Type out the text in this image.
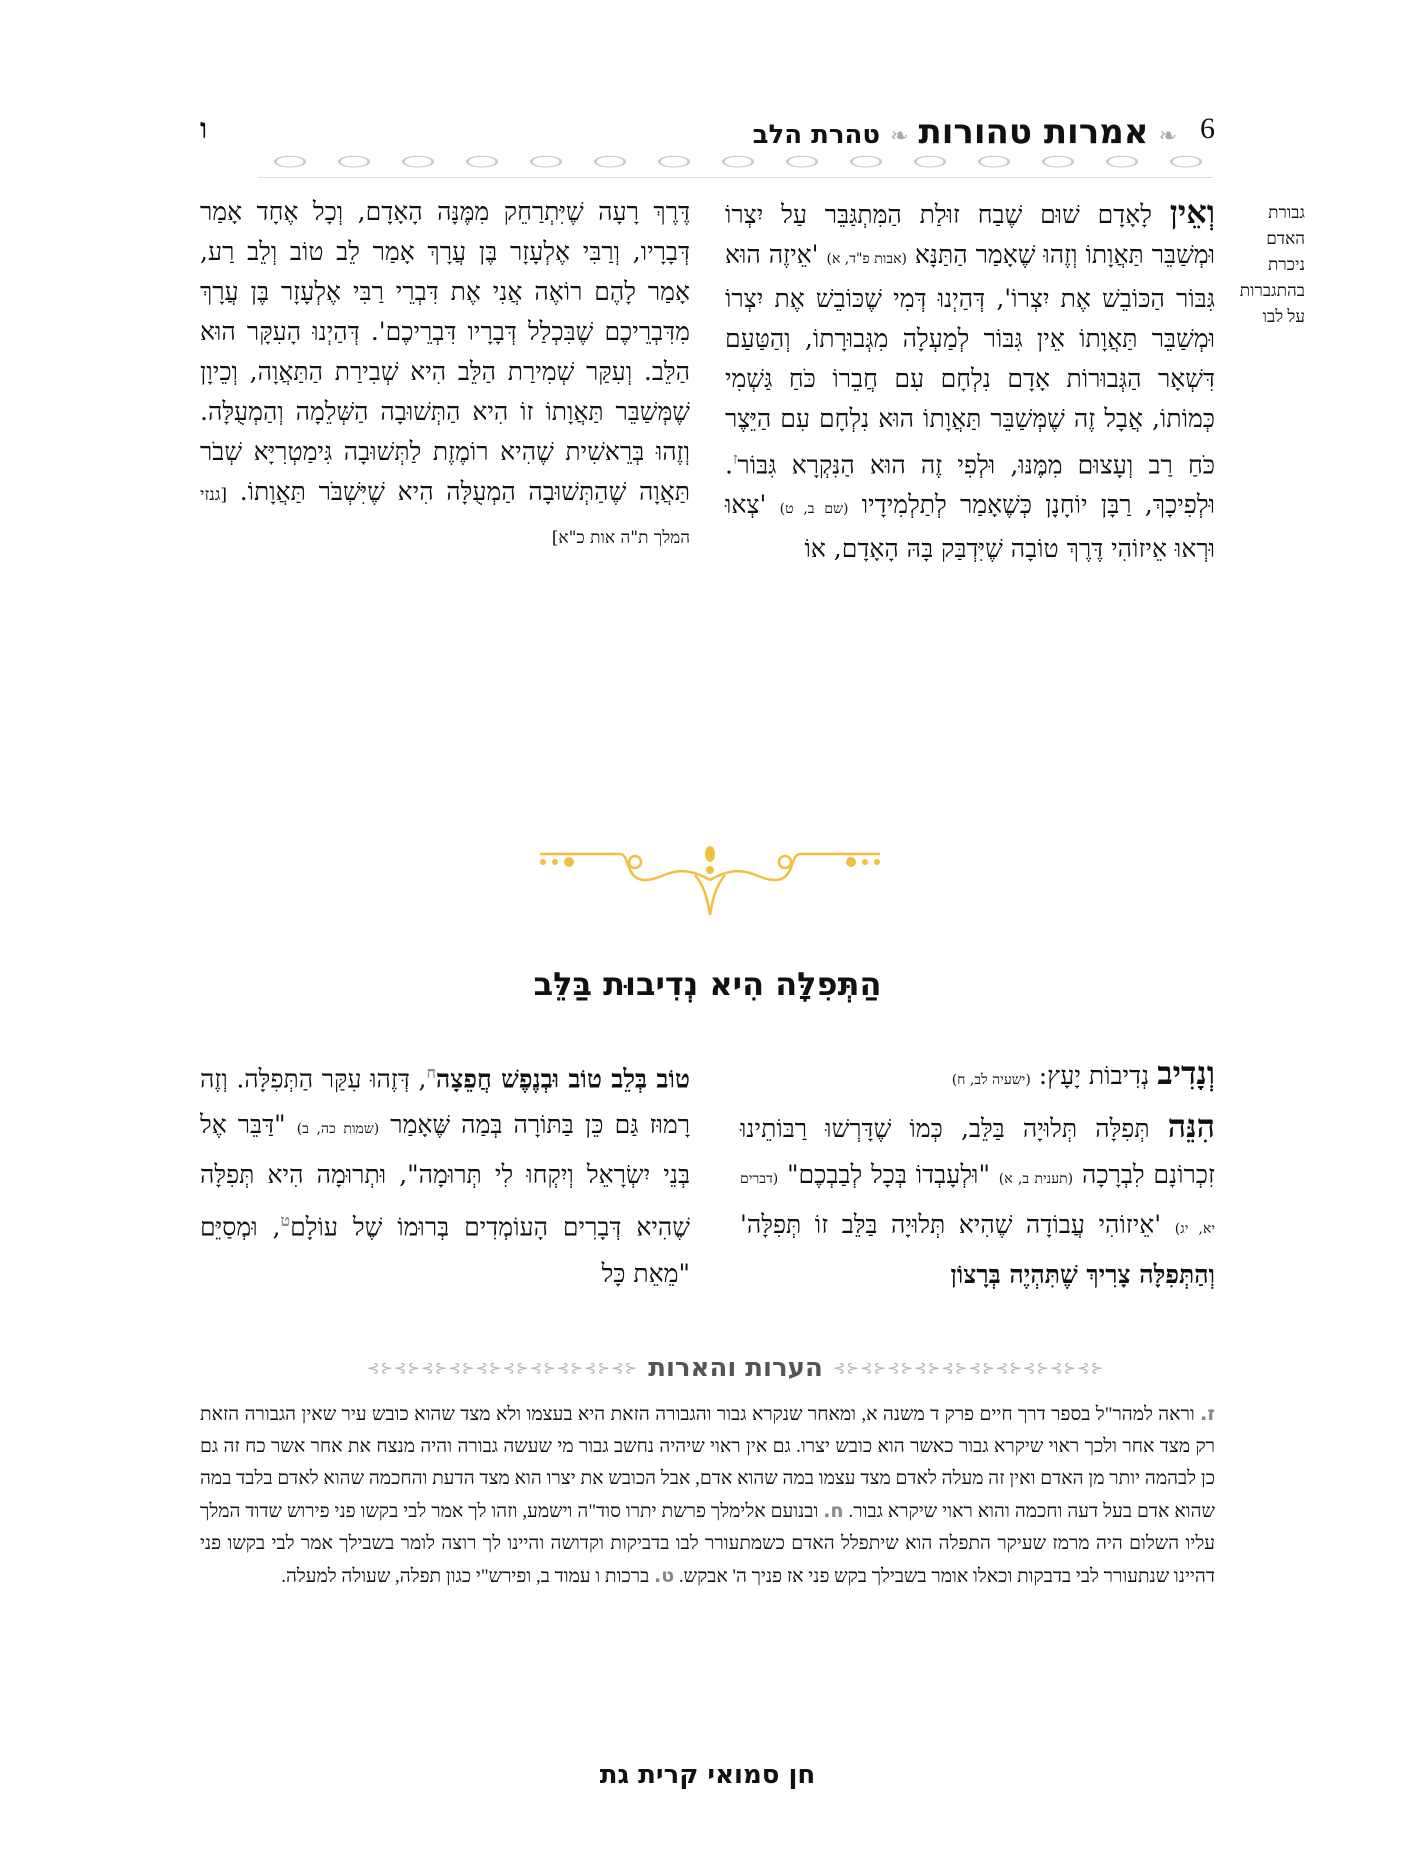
6
❧
אמרות טהורות
❧
טהרת הלב
ו
גבורת
האדם
ניכרת
בהתגברות
על לבו

וְאֵין לָאָדָם שׁוּם שֶׁבַח זוּלַת הַמִּתְגַּבֵּר עַל יִצְרוֹ וּמְשַׁבֵּר תַּאֲוָתוֹ וְזֶהוּ שֶׁאָמַר הַתַּנָּא (אבות פ"ד, א) 'אֵיזֶה הוּא גִּבּוֹר הַכּוֹבֵשׁ אֶת יִצְרוֹ', דְּהַיְנוּ דְּמִי שֶׁכּוֹבֵשׁ אֶת יִצְרוֹ וּמְשַׁבֵּר תַּאֲוָתוֹ אֵין גִּבּוֹר לְמַעְלָה מִגְּבוּרָתוֹ, וְהַטַּעַם דִּשְׁאָר הַגְּבוּרוֹת אָדָם נִלְחָם עִם חֲבֵרוֹ כֹּחַ גַּשְׁמִי כְּמוֹתוֹ, אֲבָל זֶה שֶׁמְּשַׁבֵּר תַּאֲוָתוֹ הוּא נִלְחָם עִם הַיֵּצֶר כֹּחַ רַב וְעָצוּם מִמֶּנּוּ, וּלְפִי זֶה הוּא הַנִּקְרָא גִּבּוֹר$^ז$. וּלְפִיכָךְ, רַבָּן יוֹחָנָן כְּשֶׁאָמַר לְתַלְמִידָיו (שם ב, ט) 'צְאוּ וּרְאוּ אֵיזוֹהִי דֶּרֶךְ טוֹבָה שֶׁיִּדְבַּק בָּהּ הָאָדָם, אוֹ

דֶּרֶךְ רָעָה שֶׁיִּתְרַחֵק מִמֶּנָּה הָאָדָם, וְכָל אֶחָד אָמַר דְּבָרָיו, וְרַבִּי אֶלְעָזָר בֶּן עֲרָךְ אָמַר לֵב טוֹב וְלֵב רַע, אָמַר לָהֶם רוֹאֶה אֲנִי אֶת דִּבְרֵי רַבִּי אֶלְעָזָר בֶּן עֲרָךְ מִדִּבְרֵיכֶם שֶׁבִּכְלַל דְּבָרָיו דִּבְרֵיכֶם'. דְּהַיְנוּ הָעִקָּר הוּא הַלֵּב. וְעִקַּר שְׁמִירַת הַלֵּב הִיא שְׁבִירַת הַתַּאֲוָה, וְכֵיוָן שֶׁמְּשַׁבֵּר תַּאֲוָתוֹ זוֹ הִיא הַתְּשׁוּבָה הַשְּׁלֵמָה וְהַמְעֻלָּה. וְזֶהוּ בְּרֵאשִׁית שֶׁהִיא רוֹמֶזֶת לַתְּשׁוּבָה גִּימַטְרִיָּא שְׁבֹר תַּאֲוָה שֶׁהַתְּשׁוּבָה הַמְעֻלָּה הִיא שֶׁיִּשְׁבֹּר תַּאֲוָתוֹ. [גנזי המלך ת"ה אות כ"א]

הַתְּפִלָּה הִיא נְדִיבוּת בַּלֵּב

וְנָדִיב נְדִיבוֹת יָעָץ: (ישעיה לב, ח)
הִנֵּה תְּפִלָּה תְּלוּיָה בַּלֵּב, כְּמוֹ שֶׁדָּרְשׁוּ רַבּוֹתֵינוּ זִכְרוֹנָם לִבְרָכָה (תענית ב, א) "וּלְעָבְדוֹ בְּכָל לְבַבְכֶם" (דברים יא, יג) 'אֵיזוֹהִי עֲבוֹדָה שֶׁהִיא תְּלוּיָה בַּלֵּב זוֹ תְּפִלָּה' וְהַתְּפִלָּה צָרִיךְ שֶׁתִּהְיֶה בְּרָצוֹן

טוֹב בְּלֵב טוֹב וּבְנֶפֶשׁ חֲפֵצָה$^ח$, דְּזֶהוּ עִקַּר הַתְּפִלָּה. וְזֶה רָמוּז גַּם כֵּן בַּתּוֹרָה בְּמַה שֶּׁאָמַר (שמות כה, ב) "דַּבֵּר אֶל בְּנֵי יִשְׂרָאֵל וְיִקְחוּ לִי תְּרוּמָה", וּתְרוּמָה הִיא תְּפִלָּה שֶׁהִיא דְּבָרִים הָעוֹמְדִים בְּרוּמוֹ שֶׁל עוֹלָם$^ט$, וּמְסַיֵּם "מֵאֵת כָּל

⊰⊱⊰⊱⊰⊱⊰⊱⊰⊱⊰⊱⊰⊱⊰⊱⊰⊱⊰⊱
הערות והארות
⊰⊱⊰⊱⊰⊱⊰⊱⊰⊱⊰⊱⊰⊱⊰⊱⊰⊱⊰⊱
ז. וראה למהר"ל בספר דרך חיים פרק ד משנה א, ומאחר שנקרא גבור והגבורה הזאת היא בעצמו ולא מצד שהוא כובש עיר שאין הגבורה הזאת רק מצד אחר ולכך ראוי שיקרא גבור כאשר הוא כובש יצרו. גם אין ראוי שיהיה נחשב גבור מי שעשה גבורה והיה מנצח את אחר אשר כח זה גם כן לבהמה יותר מן האדם ואין זה מעלה לאדם מצד עצמו במה שהוא אדם, אבל הכובש את יצרו הוא מצד הדעת והחכמה שהוא לאדם בלבד במה שהוא אדם בעל דעה וחכמה והוא ראוי שיקרא גבור. ח. ובנועם אלימלך פרשת יתרו סוד"ה וישמע, וזהו לך אמר לבי בקשו פני פירוש שדוד המלך עליו השלום היה מרמז שעיקר התפלה הוא שיתפלל האדם כשמתעורר לבו בדביקות וקדושה והיינו לך רוצה לומר בשבילך אמר לבי בקשו פני דהיינו שנתעורר לבי בדבקות וכאלו אומר בשבילך בקש פני אז פניך ה' אבקש. ט. ברכות ו עמוד ב, ופירש"י כגון תפלה, שעולה למעלה.
חן סמואי קרית גת
